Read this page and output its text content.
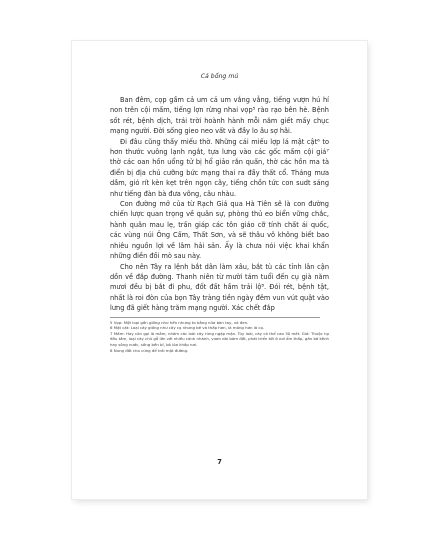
Cá bống mú

Ban đêm, cọp gầm cả um cả um vắng vẳng, tiếng vượn hú hí non trên cội mấm, tiếng lợn rừng nhai vọp⁵ rào rạo bên hè. Bệnh sốt rét, bệnh dịch, trái trời hoành hành mỗi năm giết mấy chục mạng người. Đời sống gieo neo vất và đầy lo âu sợ hãi.

Đi đâu cũng thấy miếu thờ. Những cái miếu lợp lá mật cật⁶ to hơn thước vuông lạnh ngắt, tựa lưng vào các gốc mấm cội giá⁷ thờ các oan hồn uổng tử bị hổ giảo rắn quấn, thờ các hồn ma tà điển bị địa chủ cưỡng bức mạng thai ra đầy thất cổ. Tháng mưa dầm, gió rít kèn kẹt trên ngọn cây, tiếng chồn tức con sudt sáng như tiếng đàn bà đưa võng, câu nhàu.

Con đường mở của từ Rạch Giá qua Hà Tiên sẽ là con đường chiến lược quan trọng về quân sự, phòng thủ eo biển vững chắc, hành quân mau lẹ, trấn giáp các tôn giáo cỡ tính chất ái quốc, các vùng núi Ông Cấm, Thất Sơn, và sẽ thâu vô không biết bao nhiêu nguồn lợi về lâm hải sản. Ấy là chưa nói việc khai khẩn những điền đồi mò sau này.

Cho nên Tây ra lệnh bắt dân làm xâu, bắt tù các tỉnh lân cận dồn về đắp đường. Thanh niên từ mười tám tuổi đến cụ già năm mươi đều bị bắt đi phu, đốt đất hầm trải lộ⁸. Đói rét, bệnh tật, nhất là roi đòn của bọn Tây tràng tiền ngày đêm vun vút quật vào lưng đã giết hàng trăm mạng người. Xác chết đắp

5 Vọp: Một loại gần giống như hến nhưng to bằng nửa bàn tay, vỏ đen.

6 Mật cật: Loại cây giống như cây cọ nhưng bé và thấp hơn, lá mỏng hơn lá cọ.

7 Mấm: Hay còn gọi là mắm, nhóm các loài cây rừng ngập mặn. Tùy loài, cây có thể cao 30 mét. Giá: Thuộc họ đầu tầm, loại cây chủ gỗ lớn với nhiều cành nhánh, vươn dài bám đất, phát triển tốt ở nơi ẩm thấp, gần bờ kênh hay sông nước, sống bền bỉ, bò lóa khắp nơi.

8 Nung đất cho cứng để trải mặt đường.

7
